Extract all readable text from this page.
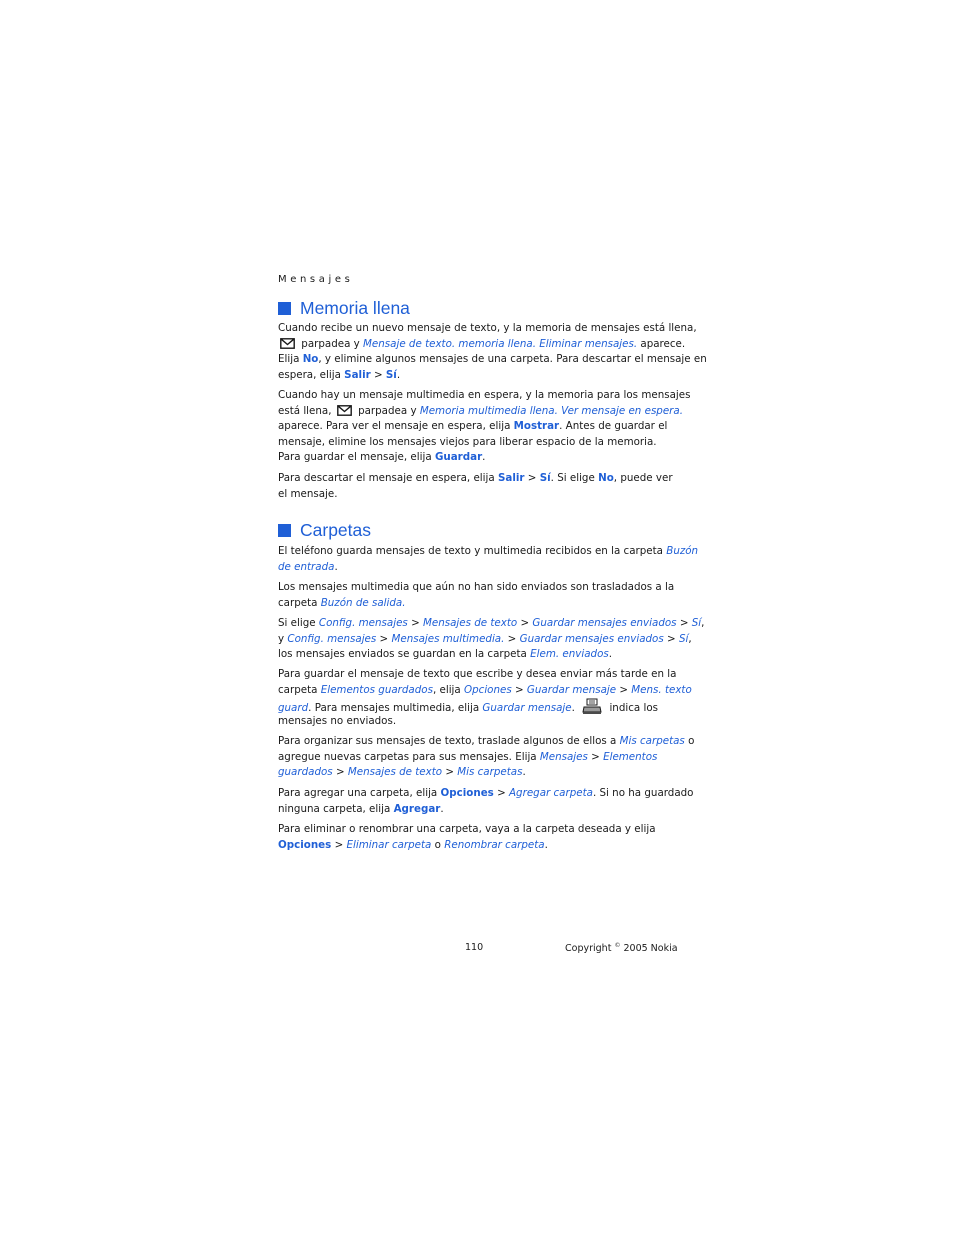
Mensajes
Memoria llena
Cuando recibe un nuevo mensaje de texto, y la memoria de mensajes está llena,
parpadea y Mensaje de texto. memoria llena. Eliminar mensajes. aparece.
Elija No, y elimine algunos mensajes de una carpeta. Para descartar el mensaje en
espera, elija Salir > Sí.
Cuando hay un mensaje multimedia en espera, y la memoria para los mensajes
está llena,	parpadea y Memoria multimedia llena. Ver mensaje en espera.
aparece. Para ver el mensaje en espera, elija Mostrar. Antes de guardar el
mensaje, elimine los mensajes viejos para liberar espacio de la memoria.
Para guardar el mensaje, elija Guardar.
Para descartar el mensaje en espera, elija Salir > Sí. Si elige No, puede ver
el mensaje.
Carpetas
El teléfono guarda mensajes de texto y multimedia recibidos en la carpeta Buzón
de entrada.
Los mensajes multimedia que aún no han sido enviados son trasladados a la
carpeta Buzón de salida.
Si elige Config. mensajes > Mensajes de texto > Guardar mensajes enviados > Sí,
y Config. mensajes > Mensajes multimedia. > Guardar mensajes enviados > Sí,
los mensajes enviados se guardan en la carpeta Elem. enviados.
Para guardar el mensaje de texto que escribe y desea enviar más tarde en la
carpeta Elementos guardados, elija Opciones > Guardar mensaje > Mens. texto
guard. Para mensajes multimedia, elija Guardar mensaje.	indica los
mensajes no enviados.
Para organizar sus mensajes de texto, traslade algunos de ellos a Mis carpetas o
agregue nuevas carpetas para sus mensajes. Elija Mensajes > Elementos
guardados > Mensajes de texto > Mis carpetas.
Para agregar una carpeta, elija Opciones > Agregar carpeta. Si no ha guardado
ninguna carpeta, elija Agregar.
Para eliminar o renombrar una carpeta, vaya a la carpeta deseada y elija
Opciones > Eliminar carpeta o Renombrar carpeta.
110	Copyright © 2005 Nokia
